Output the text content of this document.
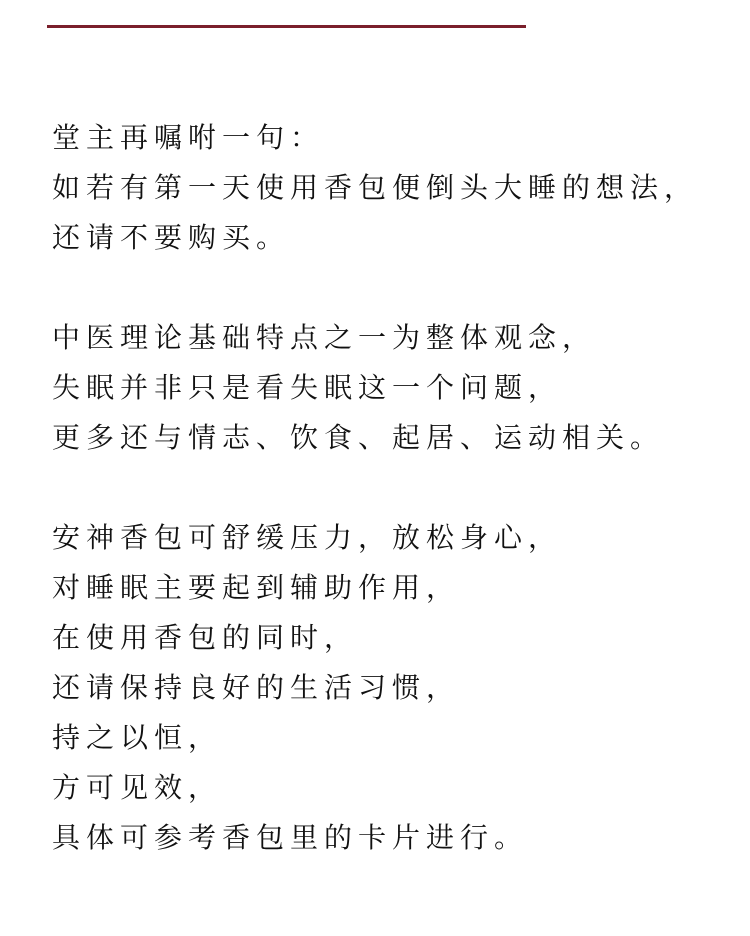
堂主再嘱咐一句：
如若有第一天使用香包便倒头大睡的想法，
还请不要购买。

中医理论基础特点之一为整体观念，
失眠并非只是看失眠这一个问题，
更多还与情志、饮食、起居、运动相关。

安神香包可舒缓压力，放松身心，
对睡眠主要起到辅助作用，
在使用香包的同时，
还请保持良好的生活习惯，
持之以恒，
方可见效，
具体可参考香包里的卡片进行。
